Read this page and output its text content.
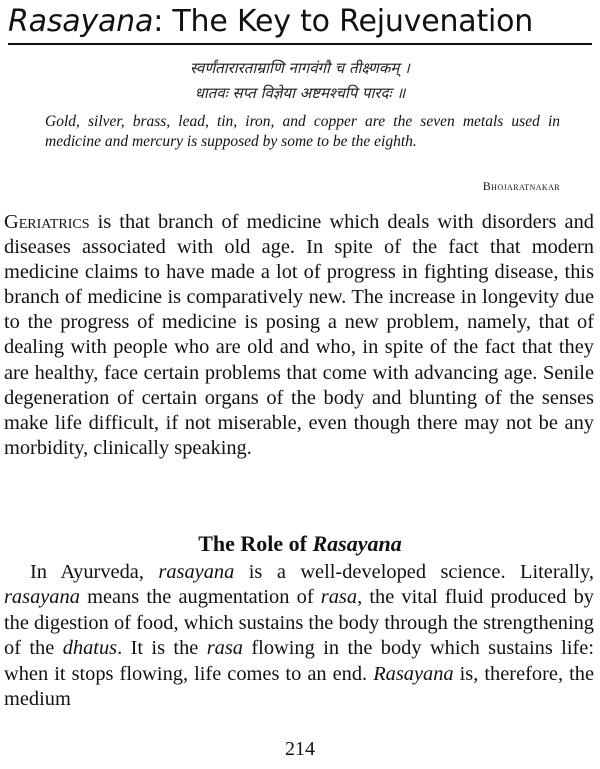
Rasayana: The Key to Rejuvenation
स्वर्णंतारारताम्राणि नागवंगौ च तीक्ष्णकम् ।
धातवः सप्त विज्ञेया अष्टमश्चपि पारदः ॥
Gold, silver, brass, lead, tin, iron, and copper are the seven metals used in medicine and mercury is supposed by some to be the eighth.
Bhojaratnakar
Geriatrics is that branch of medicine which deals with disorders and diseases associated with old age. In spite of the fact that modern medicine claims to have made a lot of progress in fighting disease, this branch of medicine is comparatively new. The increase in longevity due to the progress of medicine is posing a new problem, namely, that of dealing with people who are old and who, in spite of the fact that they are healthy, face certain problems that come with advancing age. Senile degeneration of certain organs of the body and blunting of the senses make life difficult, if not miserable, even though there may not be any morbidity, clinically speaking.
The Role of Rasayana

In Ayurveda, rasayana is a well-developed science. Literally, rasayana means the augmentation of rasa, the vital fluid produced by the digestion of food, which sustains the body through the strengthening of the dhatus. It is the rasa flowing in the body which sustains life: when it stops flowing, life comes to an end. Rasayana is, therefore, the medium

214
